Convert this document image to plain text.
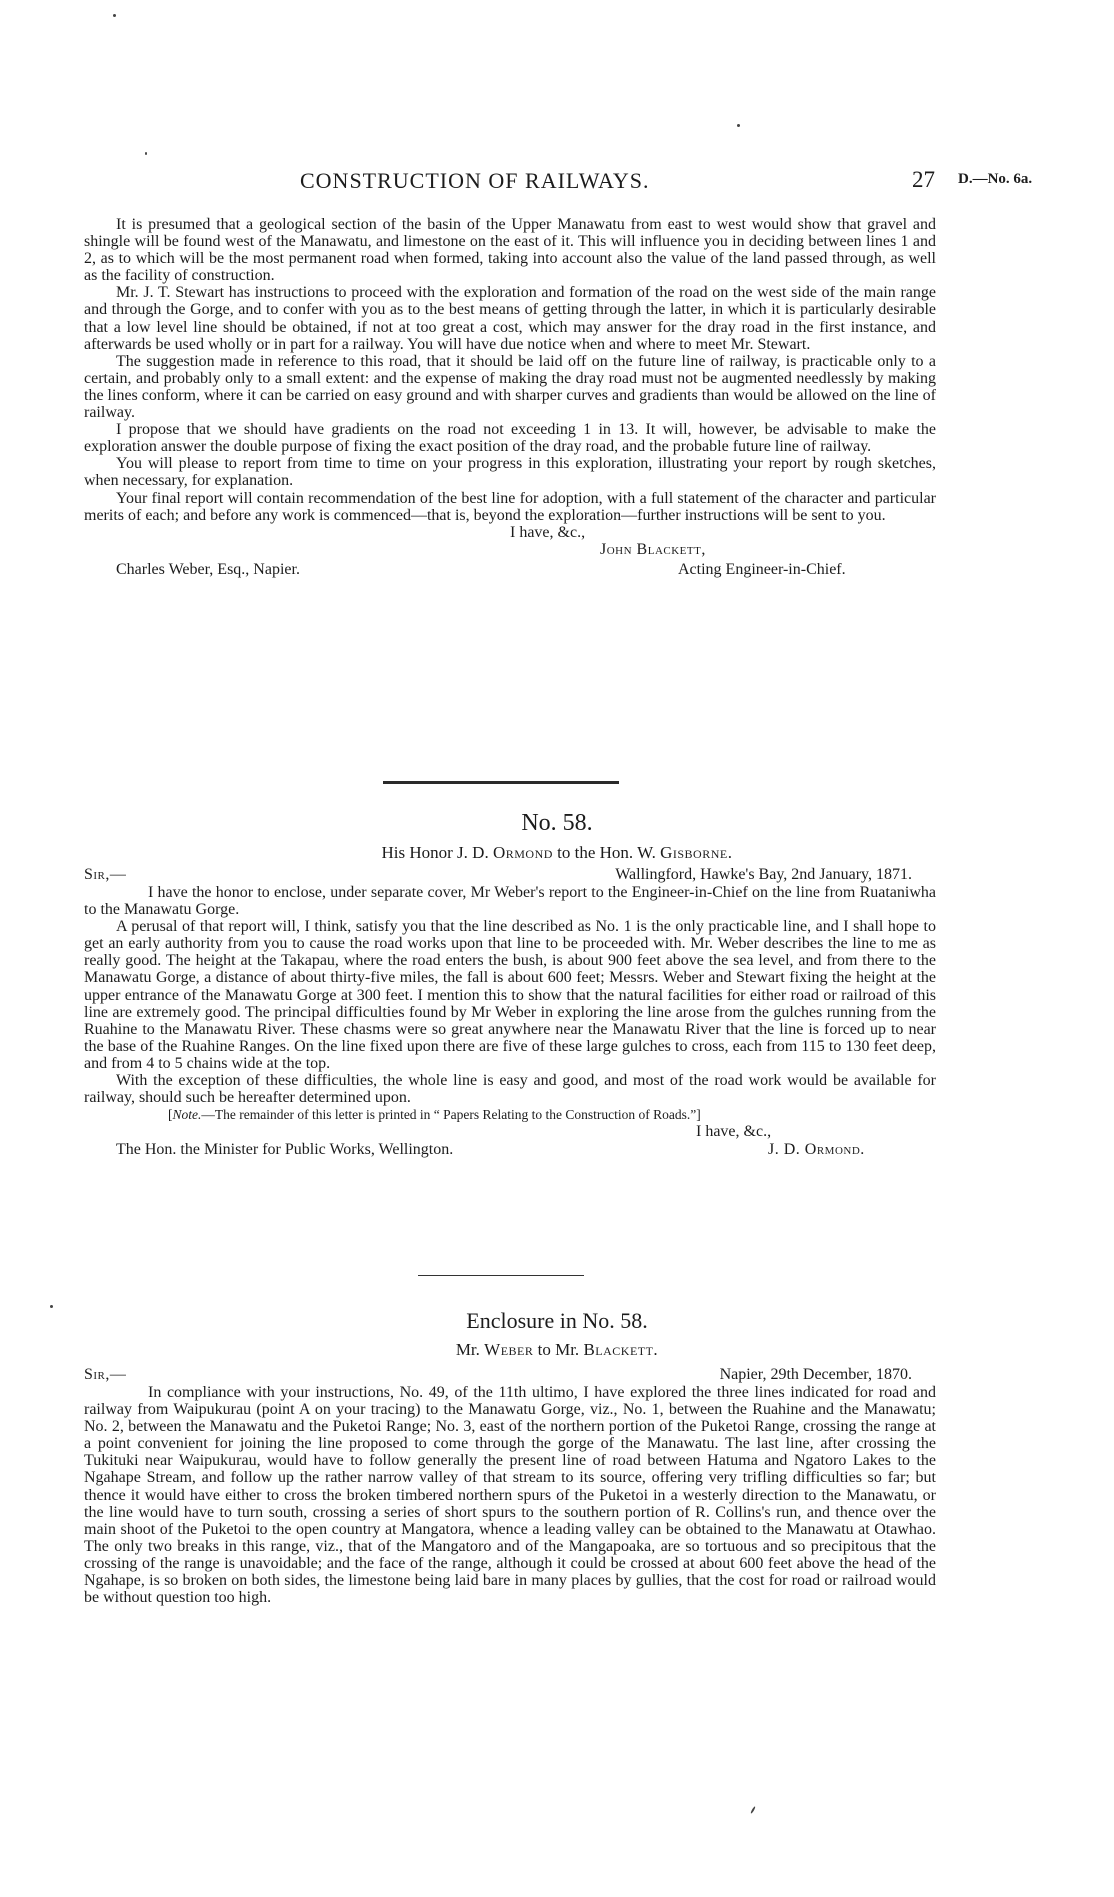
CONSTRUCTION OF RAILWAYS.	27 D.—No. 6a.

It is presumed that a geological section of the basin of the Upper Manawatu from east to west would show that gravel and shingle will be found west of the Manawatu, and limestone on the east of it. This will influence you in deciding between lines 1 and 2, as to which will be the most permanent road when formed, taking into account also the value of the land passed through, as well as the facility of construction.

Mr. J. T. Stewart has instructions to proceed with the exploration and formation of the road on the west side of the main range and through the Gorge, and to confer with you as to the best means of getting through the latter, in which it is particularly desirable that a low level line should be obtained, if not at too great a cost, which may answer for the dray road in the first instance, and afterwards be used wholly or in part for a railway. You will have due notice when and where to meet Mr. Stewart.

The suggestion made in reference to this road, that it should be laid off on the future line of railway, is practicable only to a certain, and probably only to a small extent: and the expense of making the dray road must not be augmented needlessly by making the lines conform, where it can be carried on easy ground and with sharper curves and gradients than would be allowed on the line of railway.

I propose that we should have gradients on the road not exceeding 1 in 13. It will, however, be advisable to make the exploration answer the double purpose of fixing the exact position of the dray road, and the probable future line of railway.

You will please to report from time to time on your progress in this exploration, illustrating your report by rough sketches, when necessary, for explanation.

Your final report will contain recommendation of the best line for adoption, with a full statement of the character and particular merits of each; and before any work is commenced—that is, beyond the exploration—further instructions will be sent to you.

I have, &c.,
John Blackett,
Charles Weber, Esq., Napier.	Acting Engineer-in-Chief.
No. 58.
His Honor J. D. Ormond to the Hon. W. Gisborne.
Sir,—	Wallingford, Hawke's Bay, 2nd January, 1871.

I have the honor to enclose, under separate cover, Mr Weber's report to the Engineer-in-Chief on the line from Ruataniwha to the Manawatu Gorge.

A perusal of that report will, I think, satisfy you that the line described as No. 1 is the only practicable line, and I shall hope to get an early authority from you to cause the road works upon that line to be proceeded with. Mr. Weber describes the line to me as really good. The height at the Takapau, where the road enters the bush, is about 900 feet above the sea level, and from there to the Manawatu Gorge, a distance of about thirty-five miles, the fall is about 600 feet; Messrs. Weber and Stewart fixing the height at the upper entrance of the Manawatu Gorge at 300 feet. I mention this to show that the natural facilities for either road or railroad of this line are extremely good. The principal difficulties found by Mr Weber in exploring the line arose from the gulches running from the Ruahine to the Manawatu River. These chasms were so great anywhere near the Manawatu River that the line is forced up to near the base of the Ruahine Ranges. On the line fixed upon there are five of these large gulches to cross, each from 115 to 130 feet deep, and from 4 to 5 chains wide at the top.

With the exception of these difficulties, the whole line is easy and good, and most of the road work would be available for railway, should such be hereafter determined upon.

[Note.—The remainder of this letter is printed in “ Papers Relating to the Construction of Roads.”]

I have, &c.,
The Hon. the Minister for Public Works, Wellington.	J. D. Ormond.
Enclosure in No. 58.
Mr. Weber to Mr. Blackett.
Sir,—	Napier, 29th December, 1870.

In compliance with your instructions, No. 49, of the 11th ultimo, I have explored the three lines indicated for road and railway from Waipukurau (point A on your tracing) to the Manawatu Gorge, viz., No. 1, between the Ruahine and the Manawatu; No. 2, between the Manawatu and the Puketoi Range; No. 3, east of the northern portion of the Puketoi Range, crossing the range at a point convenient for joining the line proposed to come through the gorge of the Manawatu. The last line, after crossing the Tukituki near Waipukurau, would have to follow generally the present line of road between Hatuma and Ngatoro Lakes to the Ngahape Stream, and follow up the rather narrow valley of that stream to its source, offering very trifling difficulties so far; but thence it would have either to cross the broken timbered northern spurs of the Puketoi in a westerly direction to the Manawatu, or the line would have to turn south, crossing a series of short spurs to the southern portion of R. Collins's run, and thence over the main shoot of the Puketoi to the open country at Mangatora, whence a leading valley can be obtained to the Manawatu at Otawhao. The only two breaks in this range, viz., that of the Mangatoro and of the Mangapoaka, are so tortuous and so precipitous that the crossing of the range is unavoidable; and the face of the range, although it could be crossed at about 600 feet above the head of the Ngahape, is so broken on both sides, the limestone being laid bare in many places by gullies, that the cost for road or railroad would be without question too high.
